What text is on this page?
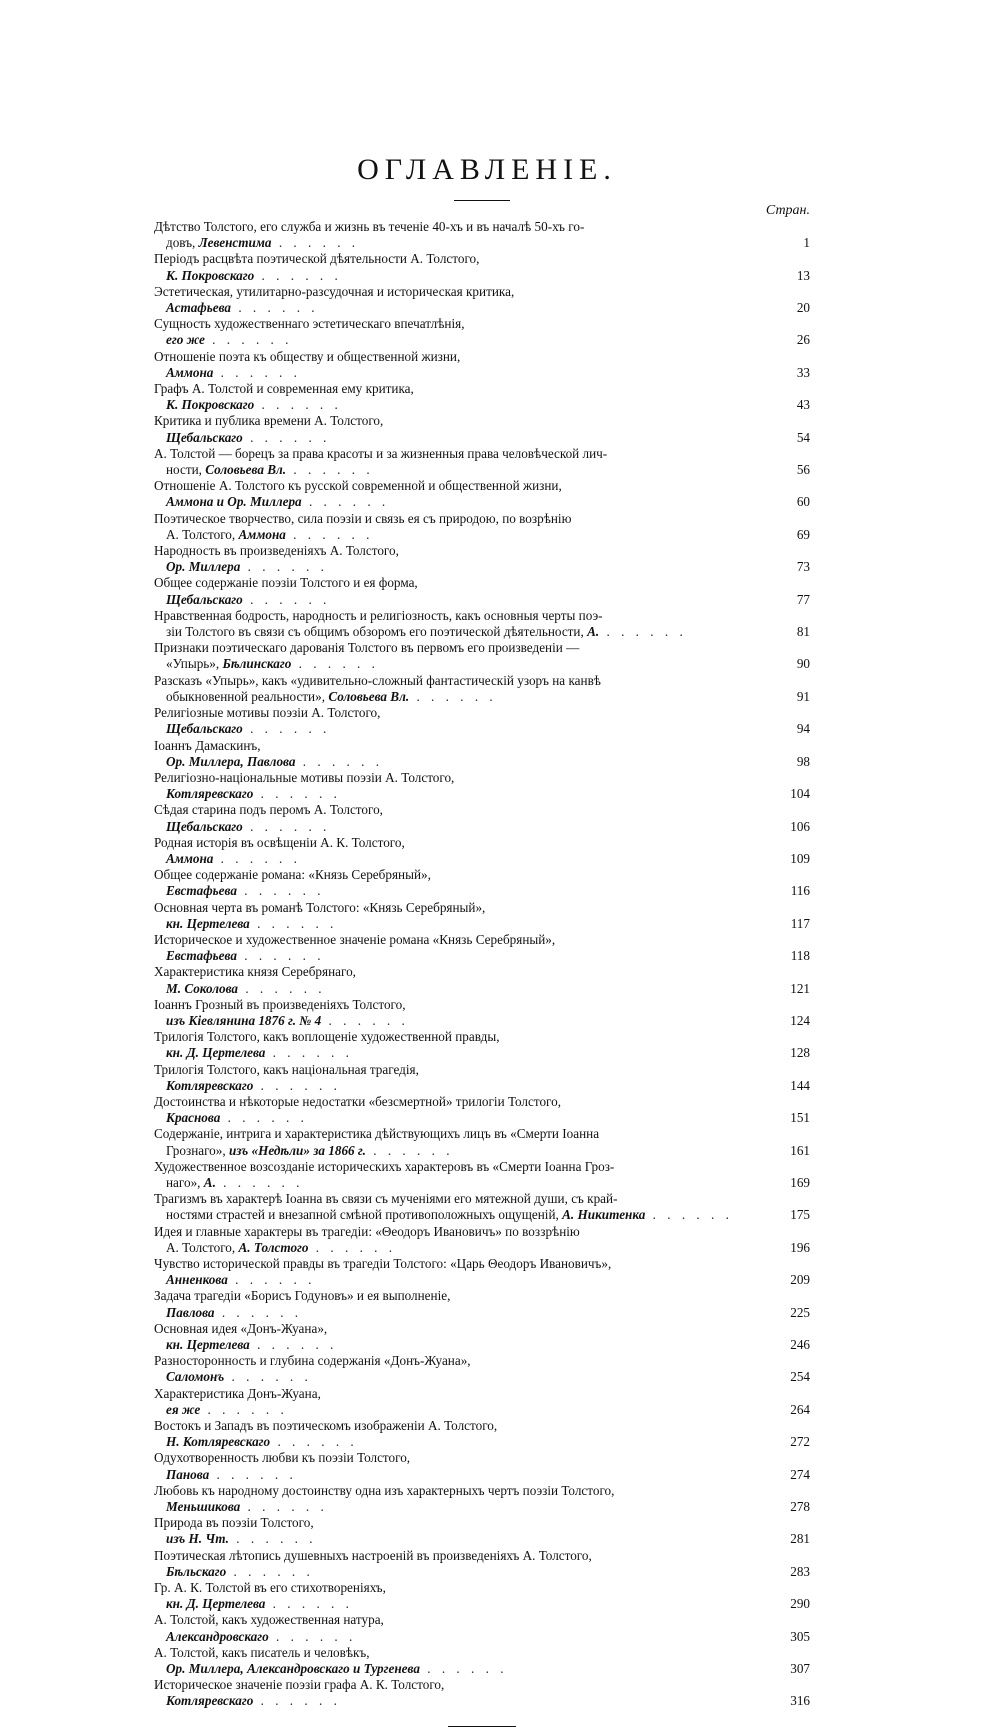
ОГЛАВЛЕНІЕ.
Стран.
Дѣтство Толстого, его служба и жизнь въ теченіе 40-хъ и въ началѣ 50-хъ го-
довъ, Левенстима . . . . . .	1
Періодъ расцвѣта поэтической дѣятельности А. Толстого,
К. Покровскаго . . . . . .	13
Эстетическая, утилитарно-разсудочная и историческая критика,
Астафьева . . . . . .	20
Сущность художественнаго эстетическаго впечатлѣнія,
его же . . . . . .	26
Отношеніе поэта къ обществу и общественной жизни,
Аммона . . . . . .	33
Графъ А. Толстой и современная ему критика,
К. Покровскаго . . . . . .	43
Критика и публика времени А. Толстого,
Щебальскаго . . . . . .	54
А. Толстой — борецъ за права красоты и за жизненныя права человѣческой лич-
ности, Соловьева Вл. . . . . . .	56
Отношеніе А. Толстого къ русской современной и общественной жизни,
Аммона и Ор. Миллера . . . . . .	60
Поэтическое творчество, сила поэзіи и связь ея съ природою, по возрѣнію
А. Толстого, Аммона . . . . . .	69
Народность въ произведеніяхъ А. Толстого,
Ор. Миллера . . . . . .	73
Общее содержаніе поэзіи Толстого и ея форма,
Щебальскаго . . . . . .	77
Нравственная бодрость, народность и религіозность, какъ основныя черты поэ-
зіи Толстого въ связи съ общимъ обзоромъ его поэтической дѣятельности, А. . . . . . .	81
Признаки поэтическаго дарованія Толстого въ первомъ его произведеніи —
«Упырь», Бѣлинскаго . . . . . .	90
Разсказъ «Упырь», какъ «удивительно-сложный фантастическій узоръ на канвѣ
обыкновенной реальности», Соловьева Вл. . . . . . .	91
Религіозные мотивы поэзіи А. Толстого,
Щебальскаго . . . . . .	94
Іоаннъ Дамаскинъ,
Ор. Миллера, Павлова . . . . . .	98
Религіозно-національные мотивы поэзіи А. Толстого,
Котляревскаго . . . . . .	104
Сѣдая старина подъ перомъ А. Толстого,
Щебальскаго . . . . . .	106
Родная исторія въ освѣщеніи А. К. Толстого,
Аммона . . . . . .	109
Общее содержаніе романа: «Князь Серебряный»,
Евстафьева . . . . . .	116
Основная черта въ романѣ Толстого: «Князь Серебряный»,
кн. Цертелева . . . . . .	117
Историческое и художественное значеніе романа «Князь Серебряный»,
Евстафьева . . . . . .	118
Характеристика князя Серебрянаго,
М. Соколова . . . . . .	121
Іоаннъ Грозный въ произведеніяхъ Толстого,
изъ Кіевлянина 1876 г. № 4 . . . . . .	124
Трилогія Толстого, какъ воплощеніе художественной правды,
кн. Д. Цертелева . . . . . .	128
Трилогія Толстого, какъ національная трагедія,
Котляревскаго . . . . . .	144
Достоинства и нѣкоторые недостатки «безсмертной» трилогіи Толстого,
Краснова . . . . . .	151
Содержаніе, интрига и характеристика дѣйствующихъ лицъ въ «Смерти Іоанна
Грознаго», изъ «Недѣли» за 1866 г. . . . . . .	161
Художественное возсозданіе историческихъ характеровъ въ «Смерти Іоанна Гроз-
наго», А. . . . . . .	169
Трагизмъ въ характерѣ Іоанна въ связи съ мученіями его мятежной души, съ край-
ностями страстей и внезапной смѣной противоположныхъ ощущеній, А. Никитенка . . . . . .	175
Идея и главные характеры въ трагедіи: «Θеодоръ Ивановичъ» по воззрѣнію
А. Толстого, А. Толстого . . . . . .	196
Чувство исторической правды въ трагедіи Толстого: «Царь Θеодоръ Ивановичъ»,
Анненкова . . . . . .	209
Задача трагедіи «Борисъ Годуновъ» и ея выполненіе,
Павлова . . . . . .	225
Основная идея «Донъ-Жуана»,
кн. Цертелева . . . . . .	246
Разносторонность и глубина содержанія «Донъ-Жуана»,
Саломонъ . . . . . .	254
Характеристика Донъ-Жуана,
ея же . . . . . .	264
Востокъ и Западъ въ поэтическомъ изображеніи А. Толстого,
Н. Котляревскаго . . . . . .	272
Одухотворенность любви къ поэзіи Толстого,
Панова . . . . . .	274
Любовь къ народному достоинству одна изъ характерныхъ чертъ поэзіи Толстого,
Меньшикова . . . . . .	278
Природа въ поэзіи Толстого,
изъ Н. Чт. . . . . . .	281
Поэтическая лѣтопись душевныхъ настроеній въ произведеніяхъ А. Толстого,
Бѣльскаго . . . . . .	283
Гр. А. К. Толстой въ его стихотвореніяхъ,
кн. Д. Цертелева . . . . . .	290
А. Толстой, какъ художественная натура,
Александровскаго . . . . . .	305
А. Толстой, какъ писатель и человѣкъ,
Ор. Миллера, Александровскаго и Тургенева . . . . . .	307
Историческое значеніе поэзіи графа А. К. Толстого,
Котляревскаго . . . . . .	316
